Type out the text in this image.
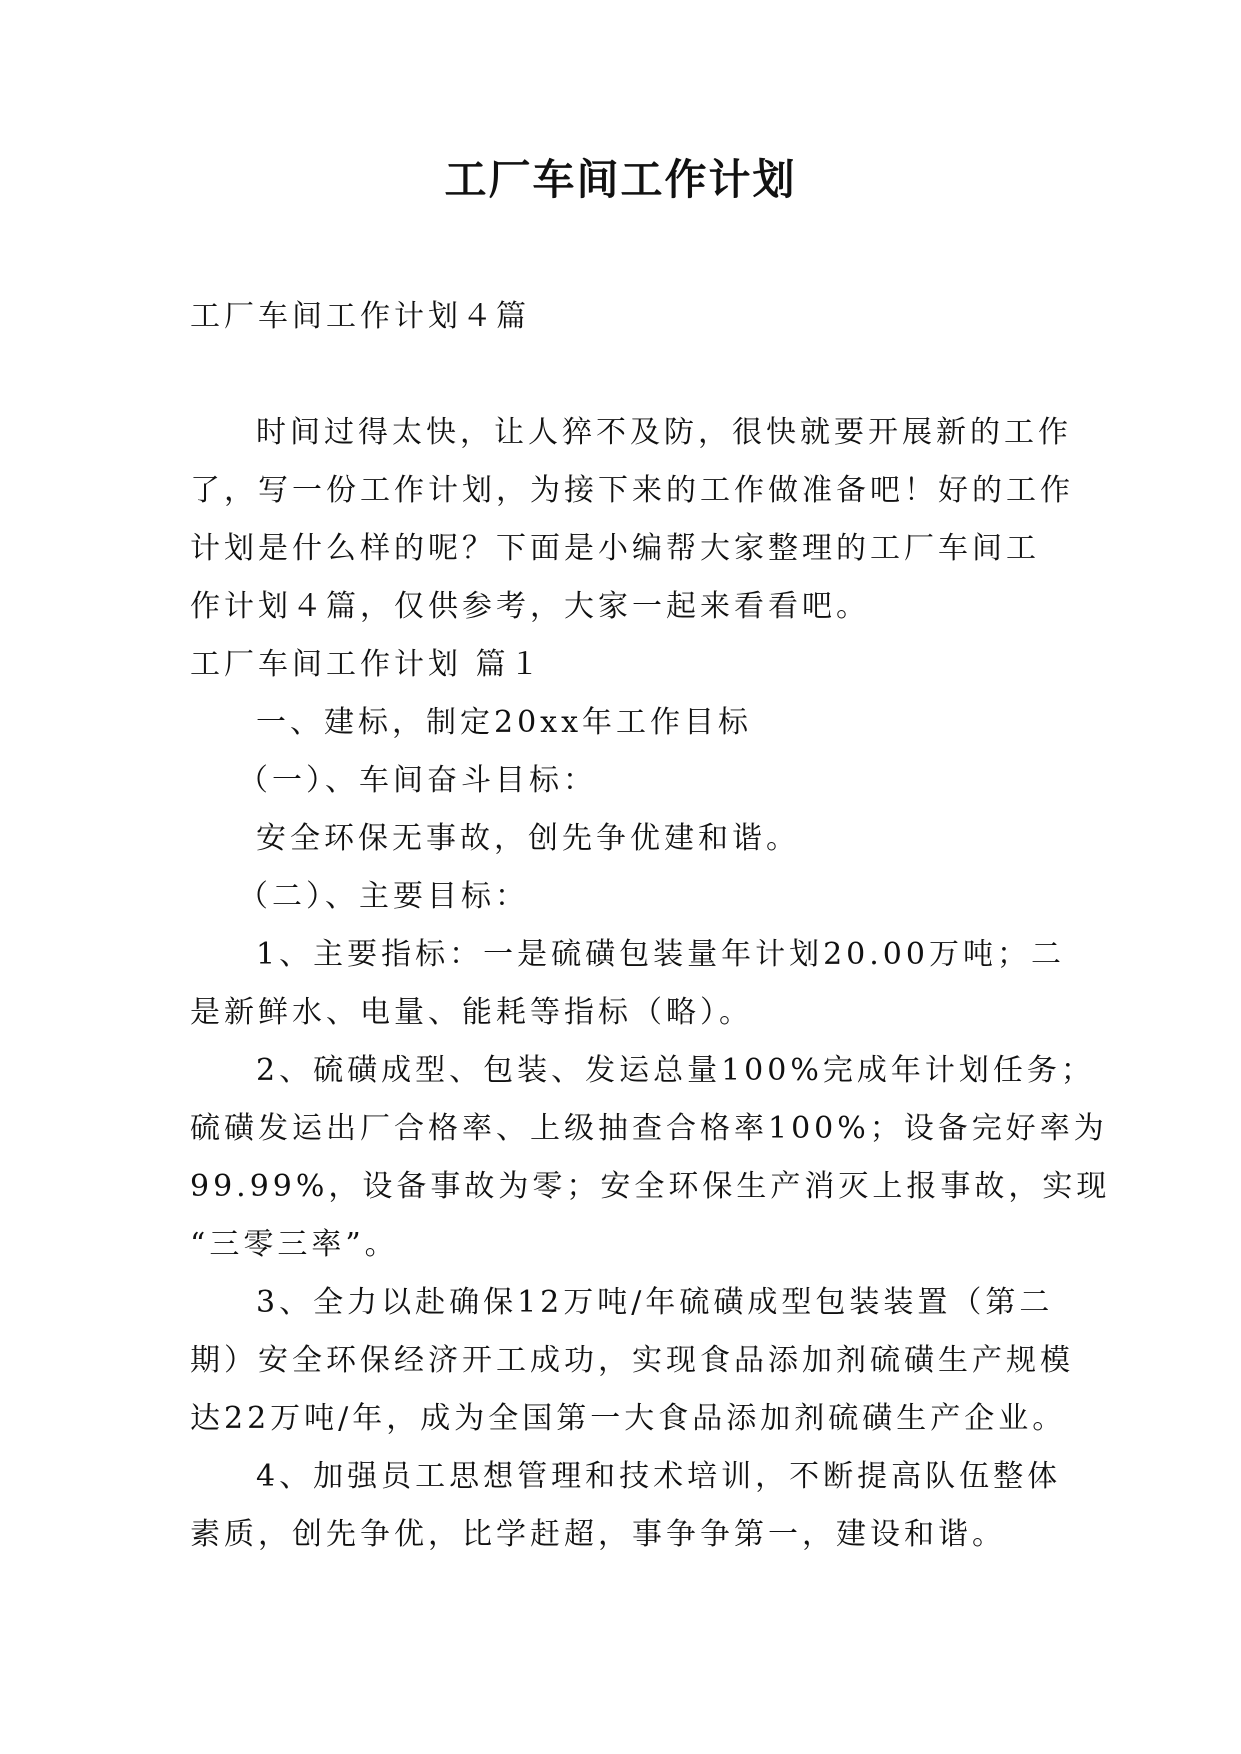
工厂车间工作计划

工厂车间工作计划４篇

时间过得太快，让人猝不及防，很快就要开展新的工作
了，写一份工作计划，为接下来的工作做准备吧！好的工作
计划是什么样的呢？下面是小编帮大家整理的工厂车间工
作计划４篇，仅供参考，大家一起来看看吧。

工厂车间工作计划 篇１

一、建标，制定20xx年工作目标

（一）、车间奋斗目标：

安全环保无事故，创先争优建和谐。

（二）、主要目标：

1、主要指标：一是硫磺包装量年计划20.00万吨；二
是新鲜水、电量、能耗等指标（略）。

2、硫磺成型、包装、发运总量100%完成年计划任务；
硫磺发运出厂合格率、上级抽查合格率100%；设备完好率为
99.99%，设备事故为零；安全环保生产消灭上报事故，实现
“三零三率”。

3、全力以赴确保12万吨/年硫磺成型包装装置（第二
期）安全环保经济开工成功，实现食品添加剂硫磺生产规模
达22万吨/年，成为全国第一大食品添加剂硫磺生产企业。

4、加强员工思想管理和技术培训，不断提高队伍整体
素质，创先争优，比学赶超，事争争第一，建设和谐。
